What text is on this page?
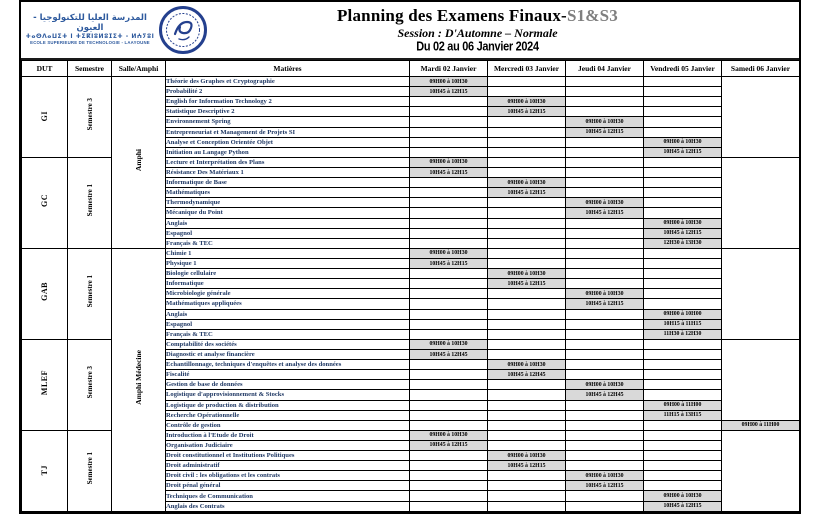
المدرسة العليا للتكنولوجيا - العيون
ⵜⴰⵙⴷⴰⵡⵉⵜ ⵏ ⵜⵉⴽⵏⵓⵍⵓⵊⵉⵜ - ⵍⵄⵢⵓⵏ
ECOLE SUPERIEURE DE TECHNOLOGIE - LAAYOUNE
Planning des Examens Finaux-S1&S3
Session : D'Automne – Normale
Du 02 au 06 Janvier 2024
DUT	Semestre	Salle/Amphi	Matières	Mardi 02 Janvier	Mercredi 03 Janvier	Jeudi 04 Janvier	Vendredi 05 Janvier	Samedi 06 Janvier
GI	Semestre 3	Amphi	Théorie des Graphes et Cryptographie	09H00 à 10H30				
			Probabilité 2	10H45 à 12H15				
			English for Information Technology 2		09H00 à 10H30			
			Statistique Descriptive 2		10H45 à 12H15			
			Environnement Spring			09H00 à 10H30		
			Entrepreneuriat et Management de Projets SI			10H45 à 12H15		
			Analyse et Conception Orientée Objet				09H00 à 10H30	
			Initiation au Langage Python				10H45 à 12H15	
GC	Semestre 1		Lecture et Interprétation des Plans	09H00 à 10H30				
			Résistance Des Matériaux 1	10H45 à 12H15				
			Informatique de Base		09H00 à 10H30			
			Mathématiques		10H45 à 12H15			
			Thermodynamique			09H00 à 10H30		
			Mécanique du Point			10H45 à 12H15		
			Anglais				09H00 à 10H30	
			Espagnol				10H45 à 12H15	
			Français & TEC				12H30 à 13H30	
GAB	Semestre 1	Amphi Médecine	Chimie 1	09H00 à 10H30				
			Physique 1	10H45 à 12H15				
			Biologie cellulaire		09H00 à 10H30			
			Informatique		10H45 à 12H15			
			Microbiologie générale			09H00 à 10H30		
			Mathématiques appliquées			10H45 à 12H15		
			Anglais				09H00 à 10H00	
			Espagnol				10H15 à 11H15	
			Français & TEC				11H30 à 12H30	
MLEF	Semestre 3		Comptabilité des sociétés	09H00 à 10H30				
			Diagnostic et analyse financière	10H45 à 12H45				
			Echantillonnage, techniques d'enquêtes et analyse des données		09H00 à 10H30			
			Fiscalité		10H45 à 12H45			
			Gestion de base de données			09H00 à 10H30		
			Logistique d'approvisionnement & Stocks			10H45 à 12H45		
			Logistique de production & distribution				09H00 à 11H00	
			Recherche Opérationnelle				11H15 à 13H15	
			Contrôle de gestion					09H00 à 11H00
TJ	Semestre 1		Introduction à l'Etude de Droit	09H00 à 10H30				
			Organisation Judiciaire	10H45 à 12H15				
			Droit constitutionnel et Institutions Politiques		09H00 à 10H30			
			Droit administratif		10H45 à 12H15			
			Droit civil : les obligations et les contrats			09H00 à 10H30		
			Droit pénal général			10H45 à 12H15		
			Techniques de Communication				09H00 à 10H30	
			Anglais des Contrats				10H45 à 12H15	
